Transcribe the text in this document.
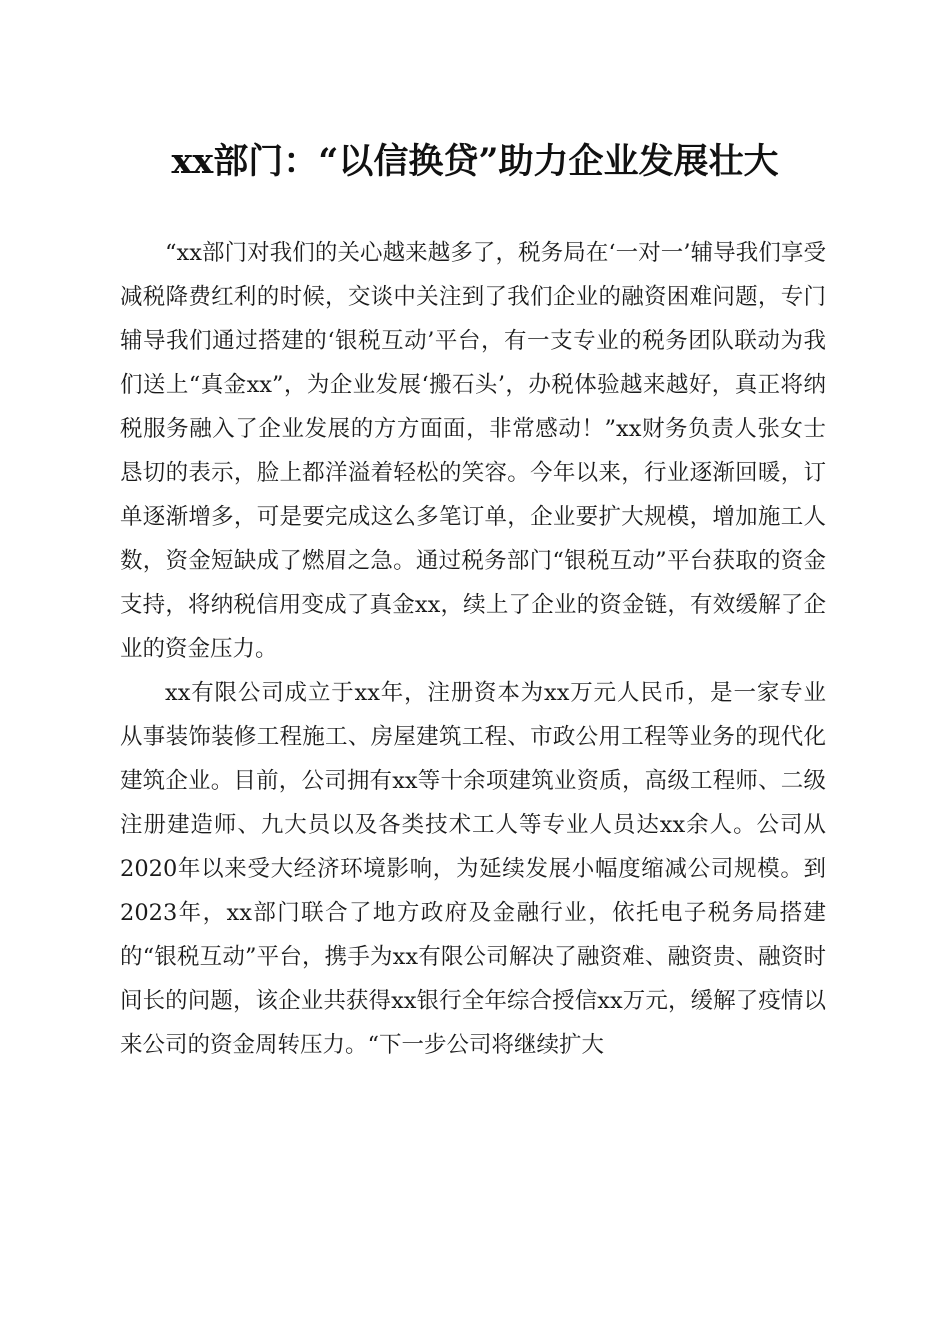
xx部门：“以信换贷”助力企业发展壮大

“xx部门对我们的关心越来越多了，税务局在‘一对一’辅导我们享受减税降费红利的时候，交谈中关注到了我们企业的融资困难问题，专门辅导我们通过搭建的‘银税互动’平台，有一支专业的税务团队联动为我们送上“真金xx”，为企业发展‘搬石头’，办税体验越来越好，真正将纳税服务融入了企业发展的方方面面，非常感动！”xx财务负责人张女士恳切的表示，脸上都洋溢着轻松的笑容。今年以来，行业逐渐回暖，订单逐渐增多，可是要完成这么多笔订单，企业要扩大规模，增加施工人数，资金短缺成了燃眉之急。通过税务部门“银税互动”平台获取的资金支持，将纳税信用变成了真金xx，续上了企业的资金链，有效缓解了企业的资金压力。

xx有限公司成立于xx年，注册资本为xx万元人民币，是一家专业从事装饰装修工程施工、房屋建筑工程、市政公用工程等业务的现代化建筑企业。目前，公司拥有xx等十余项建筑业资质，高级工程师、二级注册建造师、九大员以及各类技术工人等专业人员达xx余人。公司从2020年以来受大经济环境影响，为延续发展小幅度缩减公司规模。到2023年，xx部门联合了地方政府及金融行业，依托电子税务局搭建的“银税互动”平台，携手为xx有限公司解决了融资难、融资贵、融资时间长的问题，该企业共获得xx银行全年综合授信xx万元，缓解了疫情以来公司的资金周转压力。“下一步公司将继续扩大
